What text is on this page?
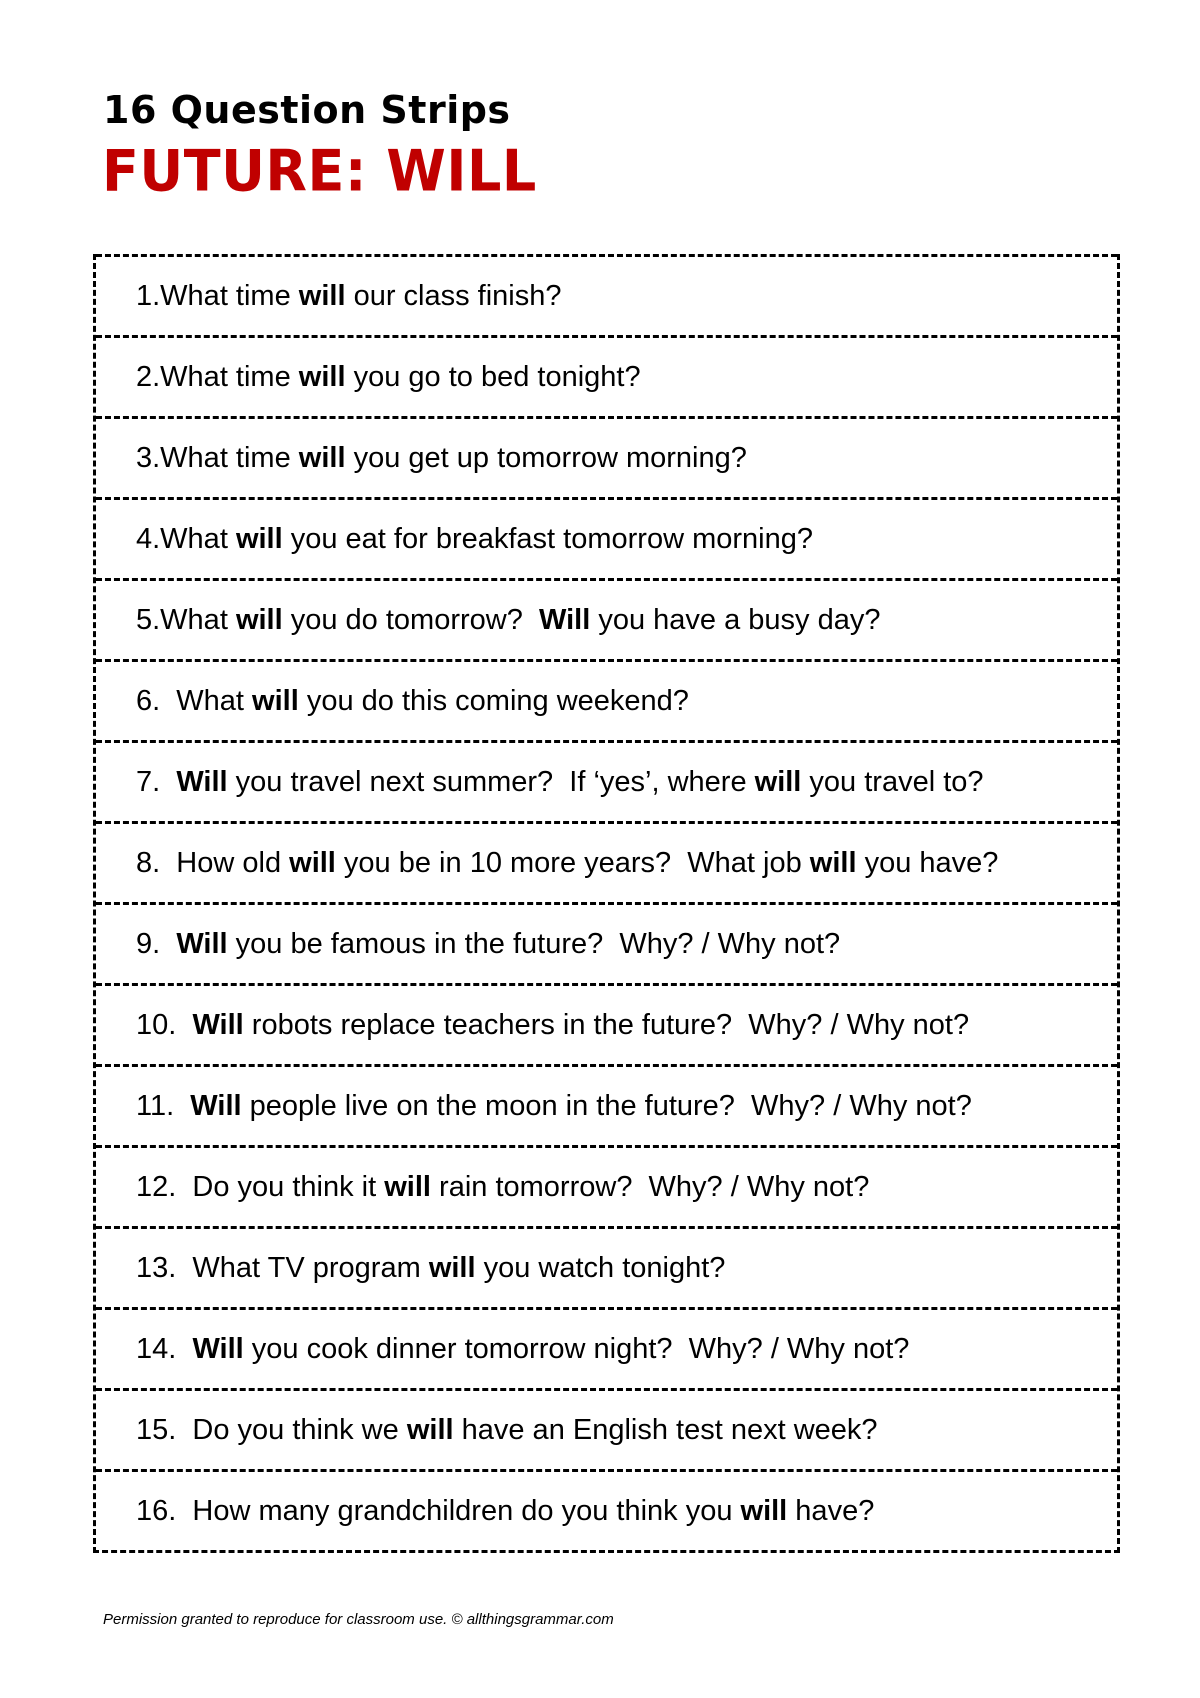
16 Question Strips
FUTURE: WILL
1.What time will our class finish?
2.What time will you go to bed tonight?
3.What time will you get up tomorrow morning?
4.What will you eat for breakfast tomorrow morning?
5.What will you do tomorrow? Will you have a busy day?
6.  What will you do this coming weekend?
7. Will you travel next summer?  If ‘yes’, where will you travel to?
8.  How old will you be in 10 more years?  What job will you have?
9. Will you be famous in the future?  Why? / Why not?
10. Will robots replace teachers in the future?  Why? / Why not?
11. Will people live on the moon in the future?  Why? / Why not?
12.  Do you think it will rain tomorrow?  Why? / Why not?
13.  What TV program will you watch tonight?
14. Will you cook dinner tomorrow night?  Why? / Why not?
15.  Do you think we will have an English test next week?
16.  How many grandchildren do you think you will have?
Permission granted to reproduce for classroom use. © allthingsgrammar.com
